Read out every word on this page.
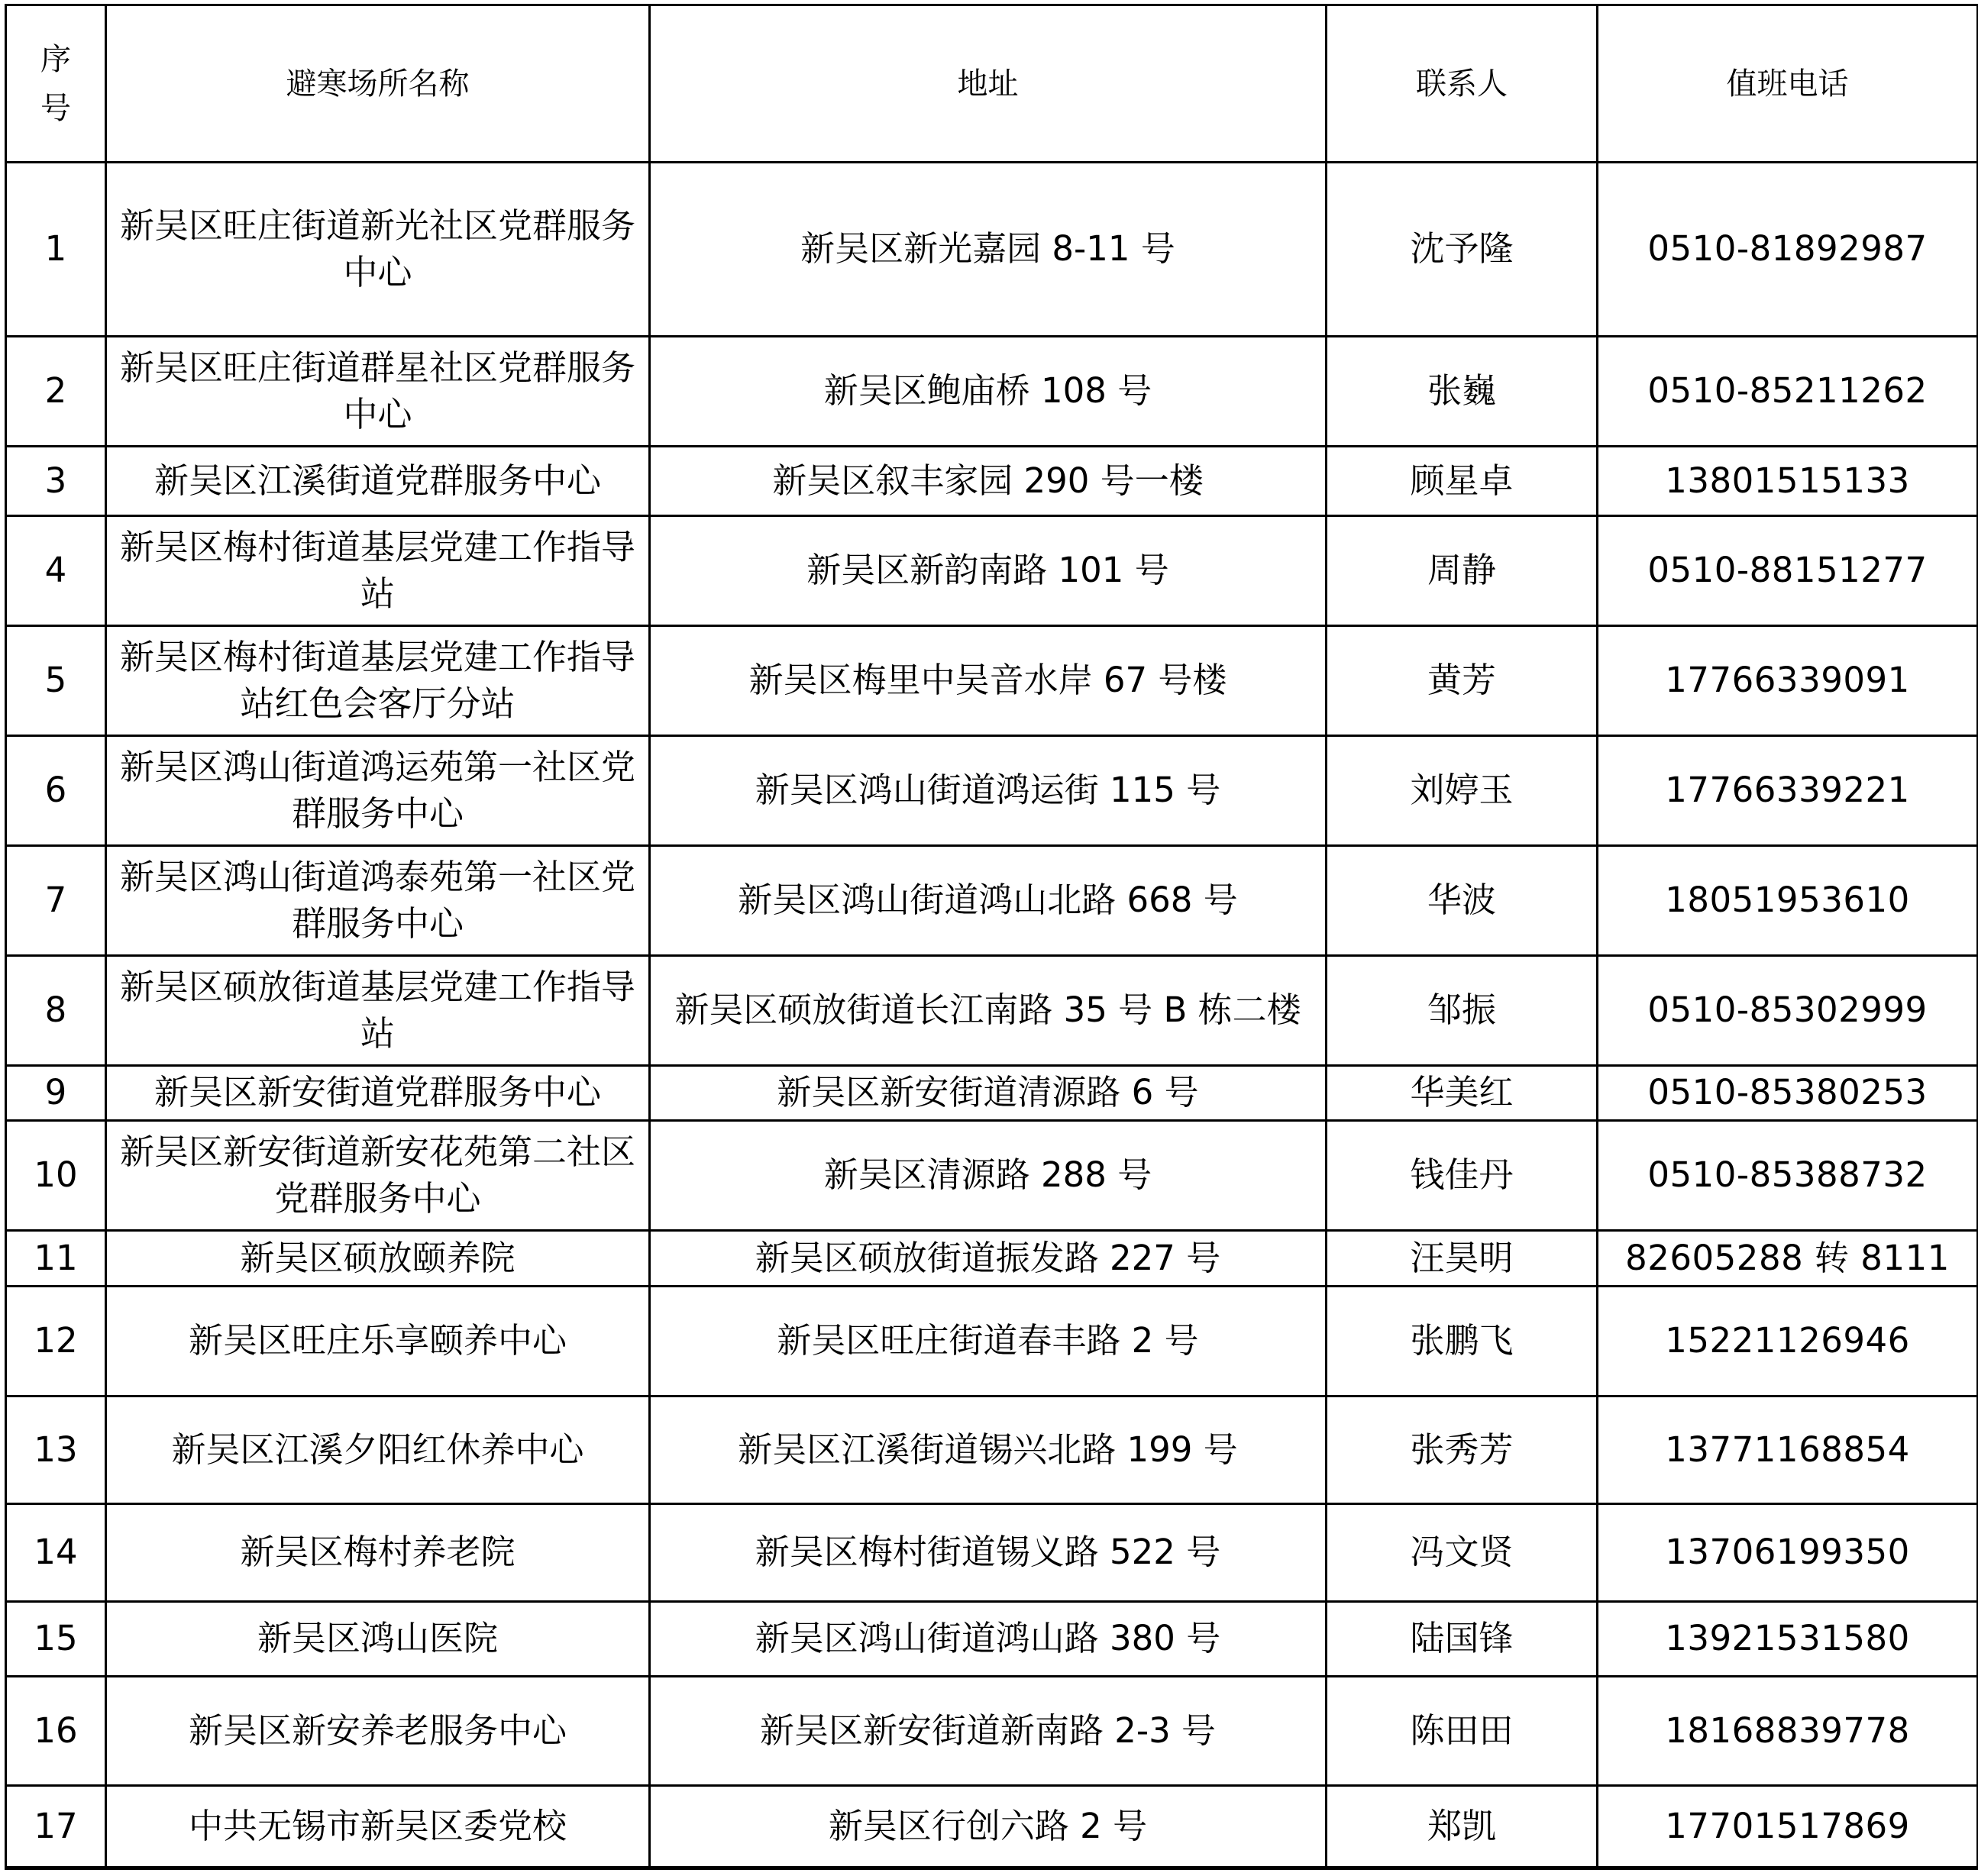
序号	避寒场所名称	地址	联系人	值班电话
1	新吴区旺庄街道新光社区党群服务中心	新吴区新光嘉园 8-11 号	沈予隆	0510-81892987
2	新吴区旺庄街道群星社区党群服务中心	新吴区鲍庙桥 108 号	张巍	0510-85211262
3	新吴区江溪街道党群服务中心	新吴区叙丰家园 290 号一楼	顾星卓	13801515133
4	新吴区梅村街道基层党建工作指导站	新吴区新韵南路 101 号	周静	0510-88151277
5	新吴区梅村街道基层党建工作指导站红色会客厅分站	新吴区梅里中吴音水岸 67 号楼	黄芳	17766339091
6	新吴区鸿山街道鸿运苑第一社区党群服务中心	新吴区鸿山街道鸿运街 115 号	刘婷玉	17766339221
7	新吴区鸿山街道鸿泰苑第一社区党群服务中心	新吴区鸿山街道鸿山北路 668 号	华波	18051953610
8	新吴区硕放街道基层党建工作指导站	新吴区硕放街道长江南路 35 号 B 栋二楼	邹振	0510-85302999
9	新吴区新安街道党群服务中心	新吴区新安街道清源路 6 号	华美红	0510-85380253
10	新吴区新安街道新安花苑第二社区党群服务中心	新吴区清源路 288 号	钱佳丹	0510-85388732
11	新吴区硕放颐养院	新吴区硕放街道振发路 227 号	汪昊明	82605288 转 8111
12	新吴区旺庄乐享颐养中心	新吴区旺庄街道春丰路 2 号	张鹏飞	15221126946
13	新吴区江溪夕阳红休养中心	新吴区江溪街道锡兴北路 199 号	张秀芳	13771168854
14	新吴区梅村养老院	新吴区梅村街道锡义路 522 号	冯文贤	13706199350
15	新吴区鸿山医院	新吴区鸿山街道鸿山路 380 号	陆国锋	13921531580
16	新吴区新安养老服务中心	新吴区新安街道新南路 2-3 号	陈田田	18168839778
17	中共无锡市新吴区委党校	新吴区行创六路 2 号	郑凯	17701517869
